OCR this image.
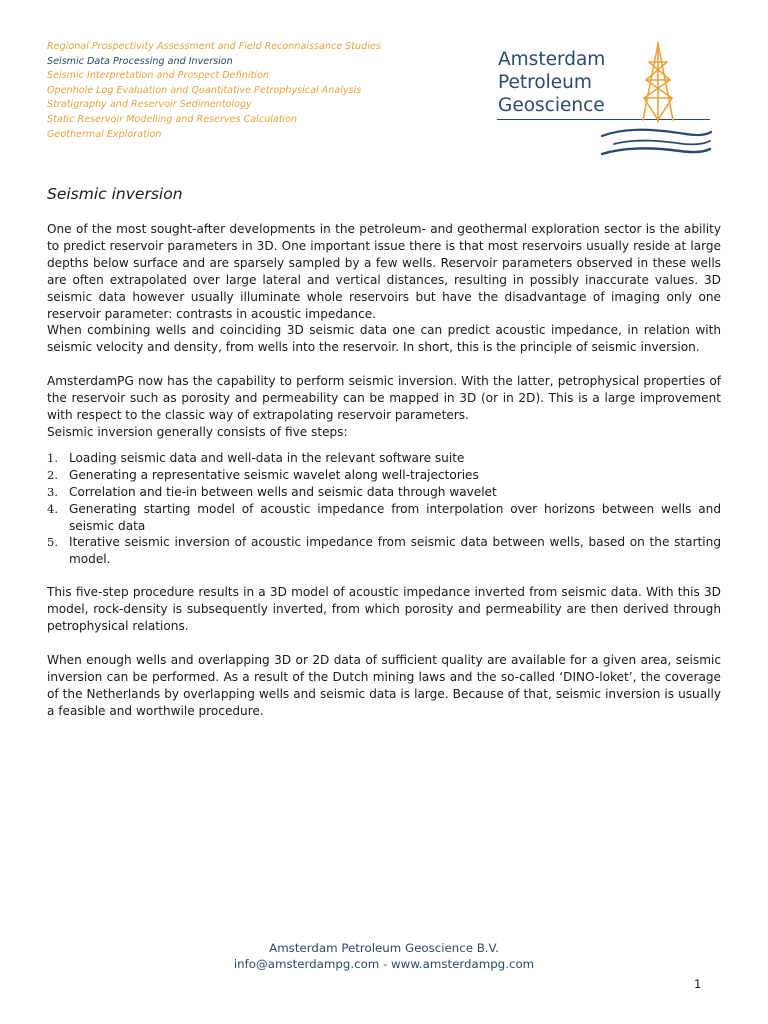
Regional Prospectivity Assessment and Field Reconnaissance Studies
Seismic Data Processing and Inversion
Seismic Interpretation and Prospect Definition
Openhole Log Evaluation and Quantitative Petrophysical Analysis
Stratigraphy and Reservoir Sedimentology
Static Reservoir Modelling and Reserves Calculation
Geothermal Exploration
Amsterdam
Petroleum
Geoscience
Seismic inversion

One of the most sought-after developments in the petroleum- and geothermal exploration sector is the ability to predict reservoir parameters in 3D. One important issue there is that most reservoirs usually reside at large depths below surface and are sparsely sampled by a few wells. Reservoir parameters observed in these wells are often extrapolated over large lateral and vertical distances, resulting in possibly inaccurate values. 3D seismic data however usually illuminate whole reservoirs but have the disadvantage of imaging only one reservoir parameter: contrasts in acoustic impedance.

When combining wells and coinciding 3D seismic data one can predict acoustic impedance, in relation with seismic velocity and density, from wells into the reservoir. In short, this is the principle of seismic inversion.

AmsterdamPG now has the capability to perform seismic inversion. With the latter, petrophysical properties of the reservoir such as porosity and permeability can be mapped in 3D (or in 2D). This is a large improvement with respect to the classic way of extrapolating reservoir parameters.

Seismic inversion generally consists of five steps:

1. Loading seismic data and well-data in the relevant software suite
2. Generating a representative seismic wavelet along well-trajectories
3. Correlation and tie-in between wells and seismic data through wavelet
4. Generating starting model of acoustic impedance from interpolation over horizons between wells and seismic data
5. Iterative seismic inversion of acoustic impedance from seismic data between wells, based on the starting model.

This five-step procedure results in a 3D model of acoustic impedance inverted from seismic data. With this 3D model, rock-density is subsequently inverted, from which porosity and permeability are then derived through petrophysical relations.

When enough wells and overlapping 3D or 2D data of sufficient quality are available for a given area, seismic inversion can be performed. As a result of the Dutch mining laws and the so-called ‘DINO-loket’, the coverage of the Netherlands by overlapping wells and seismic data is large. Because of that, seismic inversion is usually a feasible and worthwile procedure.

Amsterdam Petroleum Geoscience B.V.
info@amsterdampg.com - www.amsterdampg.com
1
